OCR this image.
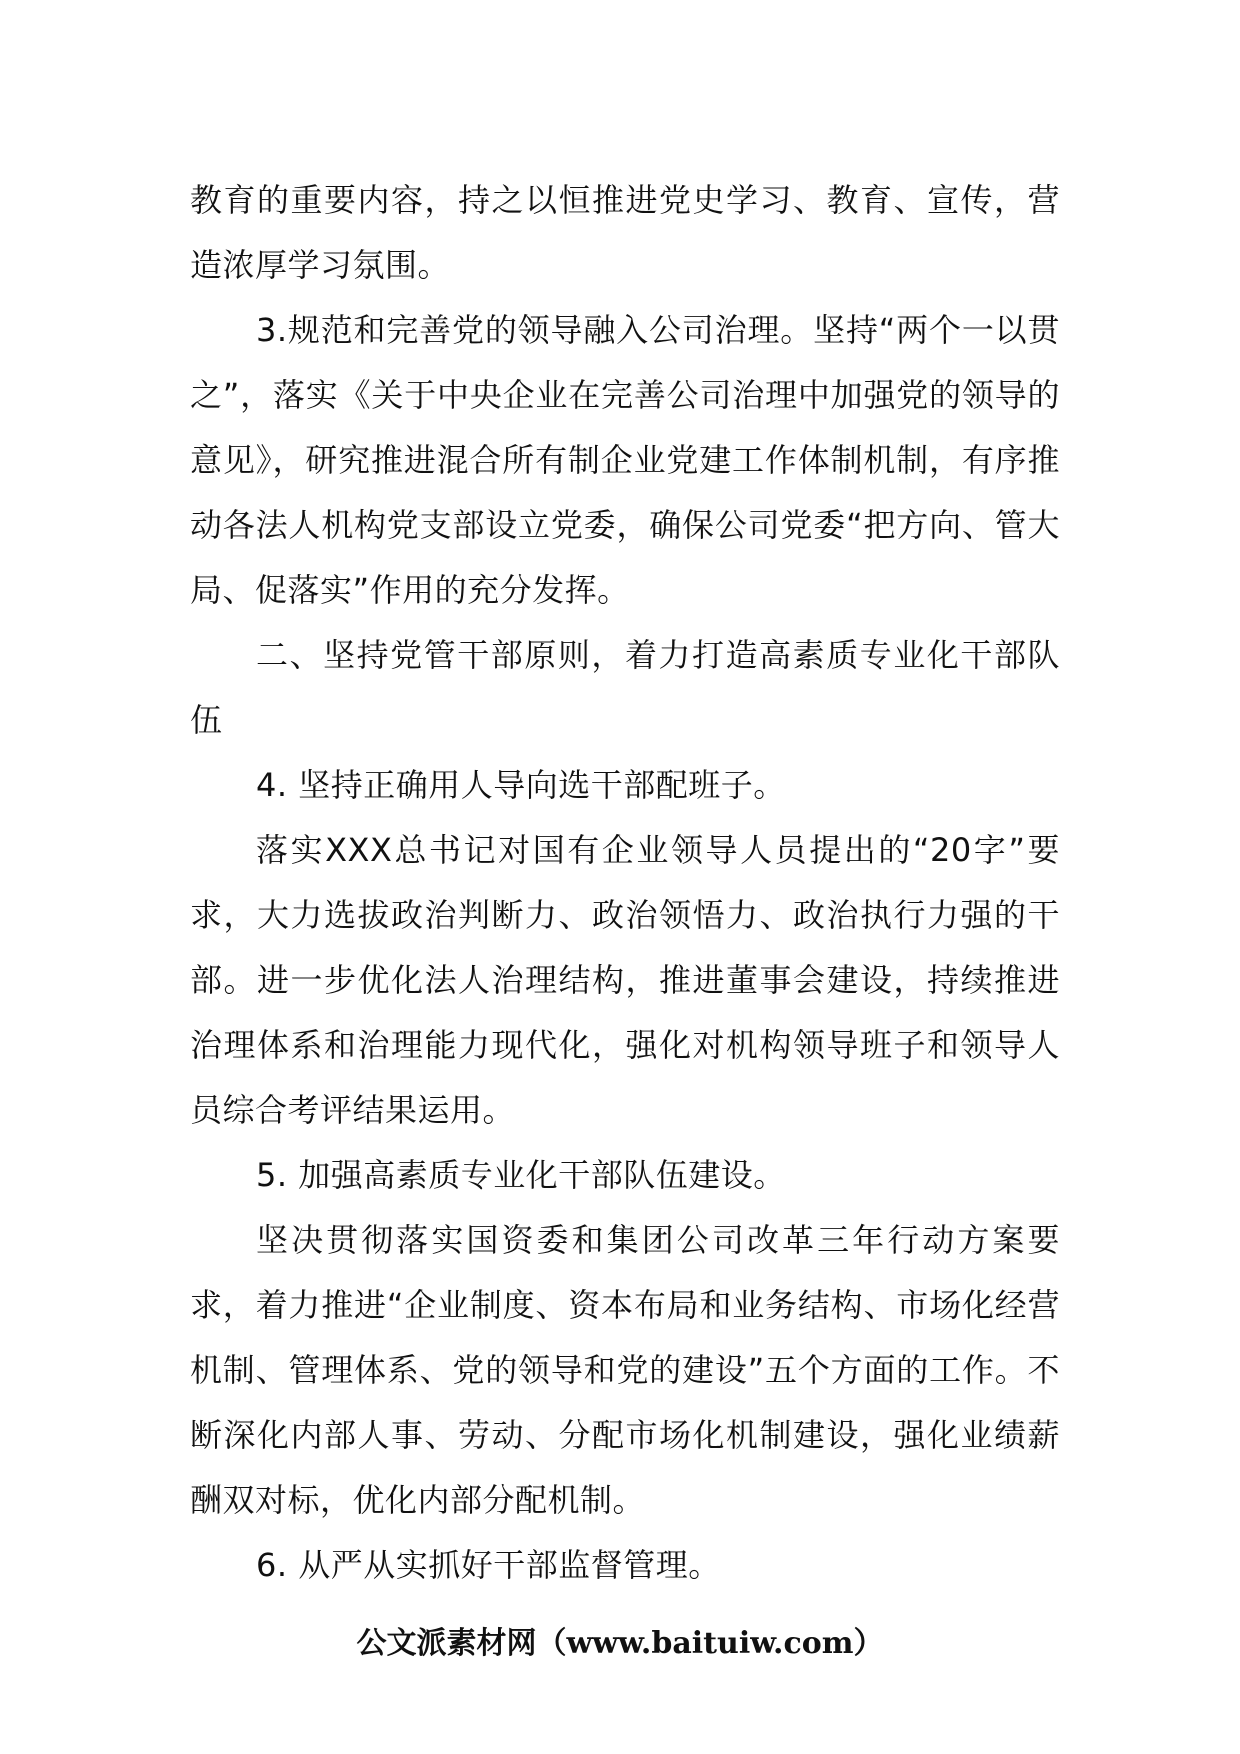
教育的重要内容，持之以恒推进党史学习、教育、宣传，营造浓厚学习氛围。

3.规范和完善党的领导融入公司治理。坚持“两个一以贯之”，落实《关于中央企业在完善公司治理中加强党的领导的意见》，研究推进混合所有制企业党建工作体制机制，有序推动各法人机构党支部设立党委，确保公司党委“把方向、管大局、促落实”作用的充分发挥。

二、坚持党管干部原则，着力打造高素质专业化干部队伍

4. 坚持正确用人导向选干部配班子。

落实XXX总书记对国有企业领导人员提出的“20字”要求，大力选拔政治判断力、政治领悟力、政治执行力强的干部。进一步优化法人治理结构，推进董事会建设，持续推进治理体系和治理能力现代化，强化对机构领导班子和领导人员综合考评结果运用。

5. 加强高素质专业化干部队伍建设。

坚决贯彻落实国资委和集团公司改革三年行动方案要求，着力推进“企业制度、资本布局和业务结构、市场化经营机制、管理体系、党的领导和党的建设”五个方面的工作。不断深化内部人事、劳动、分配市场化机制建设，强化业绩薪酬双对标，优化内部分配机制。

6. 从严从实抓好干部监督管理。

公文派素材网（www.baituiw.com）
